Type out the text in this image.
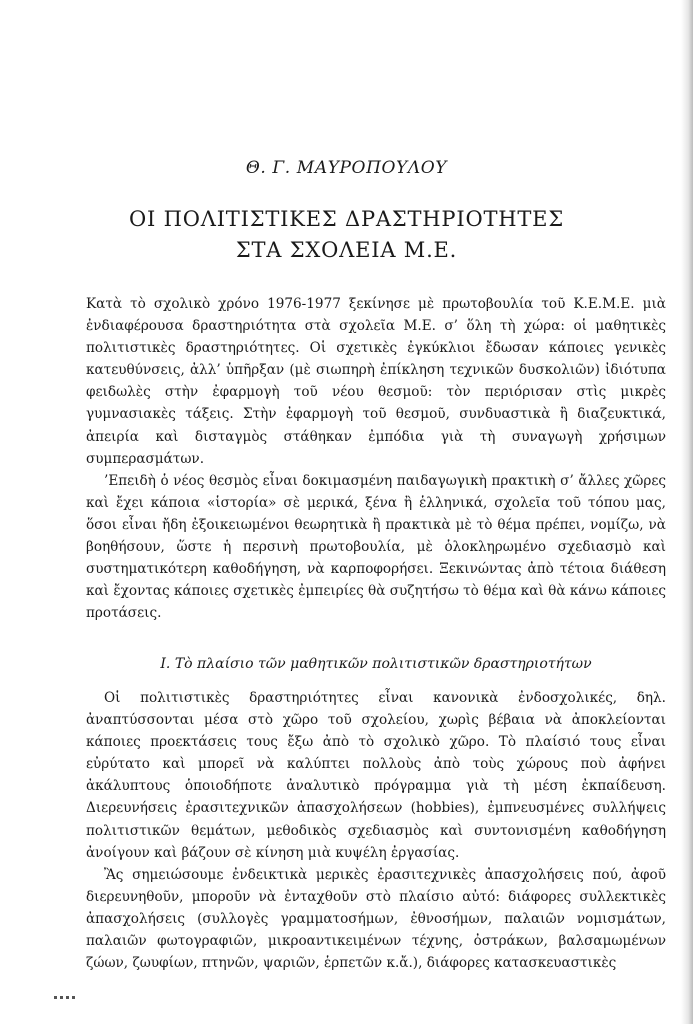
Θ. Γ. ΜΑΥΡΟΠΟΥΛΟΥ
ΟΙ ΠΟΛΙΤΙΣΤΙΚΕΣ ΔΡΑΣΤΗΡΙΟΤΗΤΕΣ
ΣΤΑ ΣΧΟΛΕΙΑ Μ.Ε.

Κατὰ τὸ σχολικὸ χρόνο 1976-1977 ξεκίνησε μὲ πρωτοβουλία τοῦ Κ.Ε.Μ.Ε. μιὰ ἐνδιαφέρουσα δραστηριότητα στὰ σχολεῖα Μ.Ε. σ’ ὅλη τὴ χώρα: οἱ μαθητικὲς πολιτιστικὲς δραστηριότητες. Οἱ σχετικὲς ἐγκύκλιοι ἔδωσαν κάποιες γενικὲς κατευθύνσεις, ἀλλ’ ὑπῆρξαν (μὲ σιωπηρὴ ἐπίκληση τεχνικῶν δυσκολιῶν) ἰδιότυπα φειδωλὲς στὴν ἐφαρμογὴ τοῦ νέου θεσμοῦ: τὸν περιόρισαν στὶς μικρὲς γυμνασιακὲς τάξεις. Στὴν ἐφαρμογὴ τοῦ θεσμοῦ, συνδυαστικὰ ἢ διαζευκτικά, ἀπειρία καὶ δισταγμὸς στάθηκαν ἐμπόδια γιὰ τὴ συναγωγὴ χρήσιμων συμπερασμάτων.

’Επειδὴ ὁ νέος θεσμὸς εἶναι δοκιμασμένη παιδαγωγικὴ πρακτικὴ σ’ ἄλλες χῶρες καὶ ἔχει κάποια «ἱστορία» σὲ μερικά, ξένα ἢ ἑλληνικά, σχολεῖα τοῦ τόπου μας, ὅσοι εἶναι ἤδη ἐξοικειωμένοι θεωρητικὰ ἢ πρακτικὰ μὲ τὸ θέμα πρέπει, νομίζω, νὰ βοηθήσουν, ὥστε ἡ περσινὴ πρωτοβουλία, μὲ ὁλοκληρωμένο σχεδιασμὸ καὶ συστηματικότερη καθοδήγηση, νὰ καρποφορήσει. Ξεκινώντας ἀπὸ τέτοια διάθεση καὶ ἔχοντας κάποιες σχετικὲς ἐμπειρίες θὰ συζητήσω τὸ θέμα καὶ θὰ κάνω κάποιες προτάσεις.

Ι. Τὸ πλαίσιο τῶν μαθητικῶν πολιτιστικῶν δραστηριοτήτων

Οἱ πολιτιστικὲς δραστηριότητες εἶναι κανονικὰ ἐνδοσχολικές, δηλ. ἀναπτύσσονται μέσα στὸ χῶρο τοῦ σχολείου, χωρὶς βέβαια νὰ ἀποκλείονται κάποιες προεκτάσεις τους ἔξω ἀπὸ τὸ σχολικὸ χῶρο. Τὸ πλαίσιό τους εἶναι εὐρύτατο καὶ μπορεῖ νὰ καλύπτει πολλοὺς ἀπὸ τοὺς χώρους ποὺ ἀφήνει ἀκάλυπτους ὁποιοδήποτε ἀναλυτικὸ πρόγραμμα γιὰ τὴ μέση ἐκπαίδευση. Διερευνήσεις ἐρασιτεχνικῶν ἀπασχολήσεων (hobbies), ἐμπνευσμένες συλλήψεις πολιτιστικῶν θεμάτων, μεθοδικὸς σχεδιασμὸς καὶ συντονισμένη καθοδήγηση ἀνοίγουν καὶ βάζουν σὲ κίνηση μιὰ κυψέλη ἐργασίας.

Ἂς σημειώσουμε ἐνδεικτικὰ μερικὲς ἐρασιτεχνικὲς ἀπασχολήσεις πού, ἀφοῦ διερευνηθοῦν, μποροῦν νὰ ἐνταχθοῦν στὸ πλαίσιο αὐτό: διάφορες συλλεκτικὲς ἀπασχολήσεις (συλλογὲς γραμματοσήμων, ἐθνοσήμων, παλαιῶν νομισμάτων, παλαιῶν φωτογραφιῶν, μικροαντικειμένων τέχνης, ὀστράκων, βαλσαμωμένων ζώων, ζωυφίων, πτηνῶν, ψαριῶν, ἑρπετῶν κ.ἄ.), διάφορες κατασκευαστικὲς
